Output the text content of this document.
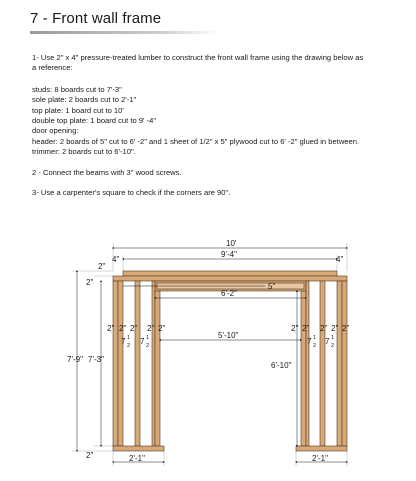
7 - Front wall frame

1- Use 2" x 4" pressure-treated lumber to construct the front wall frame using the drawing below as

a reference:

studs: 8 boards cut to 7'-3"

sole plate: 2 boards cut to 2'-1"

top plate: 1 board cut to 10'

double top plate: 1 board cut to 9' -4"

door opening:

header: 2 boards of 5" cut to 6' -2" and 1 sheet of 1/2" x 5" plywood cut to 6' -2" glued in between.

trimmer: 2 boards cut to 6'-10".

2 - Connect the beams with 3" wood screws.

3- Use a carpenter's square to check if the corners are 90".

10'
9'-4"
4"	4"
2"
2"	5"
6'-2"
5'-10"
6'-10"
7'-9" 7'-3"
2"	2'-1"	2'-1"
2" 2" 2" 2" 2"	2" 2" 2" 2" 2"
7 1
2 7 1
2	7 1
2 7 1
2
